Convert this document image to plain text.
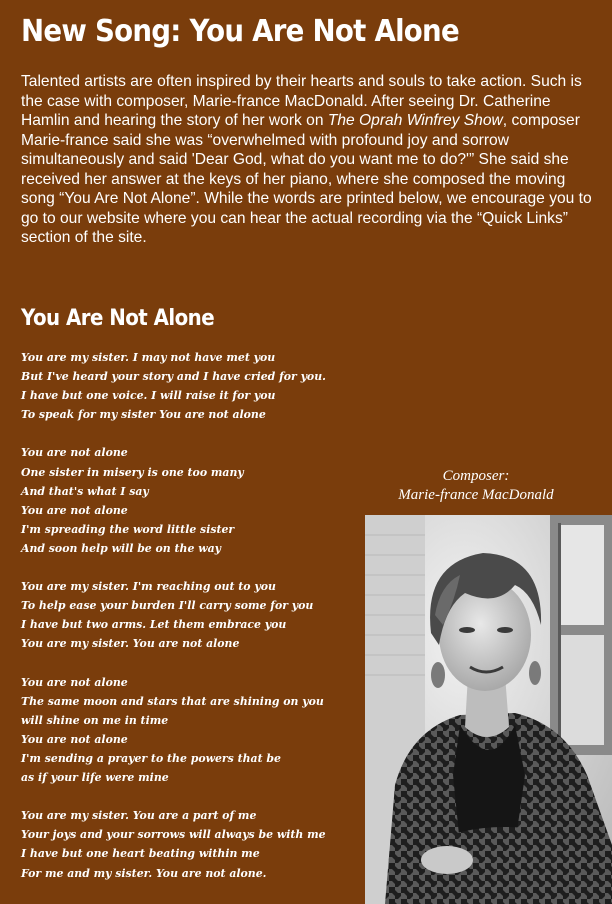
New Song: You Are Not Alone

Talented artists are often inspired by their hearts and souls to take action. Such is the case with composer, Marie-france MacDonald. After seeing Dr. Catherine Hamlin and hearing the story of her work on The Oprah Winfrey Show, composer Marie-france said she was “overwhelmed with profound joy and sorrow simultaneously and said 'Dear God, what do you want me to do?'” She said she received her answer at the keys of her piano, where she composed the moving song “You Are Not Alone”. While the words are printed below, we encourage you to go to our website where you can hear the actual recording via the “Quick Links” section of the site.

You Are Not Alone
You are my sister. I may not have met you
But I've heard your story and I have cried for you.
I have but one voice. I will raise it for you
To speak for my sister You are not alone
You are not alone
One sister in misery is one too many
And that's what I say
You are not alone
I'm spreading the word little sister
And soon help will be on the way
You are my sister. I'm reaching out to you
To help ease your burden I'll carry some for you
I have but two arms. Let them embrace you
You are my sister. You are not alone
You are not alone
The same moon and stars that are shining on you
will shine on me in time
You are not alone
I'm sending a prayer to the powers that be
as if your life were mine
You are my sister. You are a part of me
Your joys and your sorrows will always be with me
I have but one heart beating within me
For me and my sister. You are not alone.
Composer:
Marie-france MacDonald
